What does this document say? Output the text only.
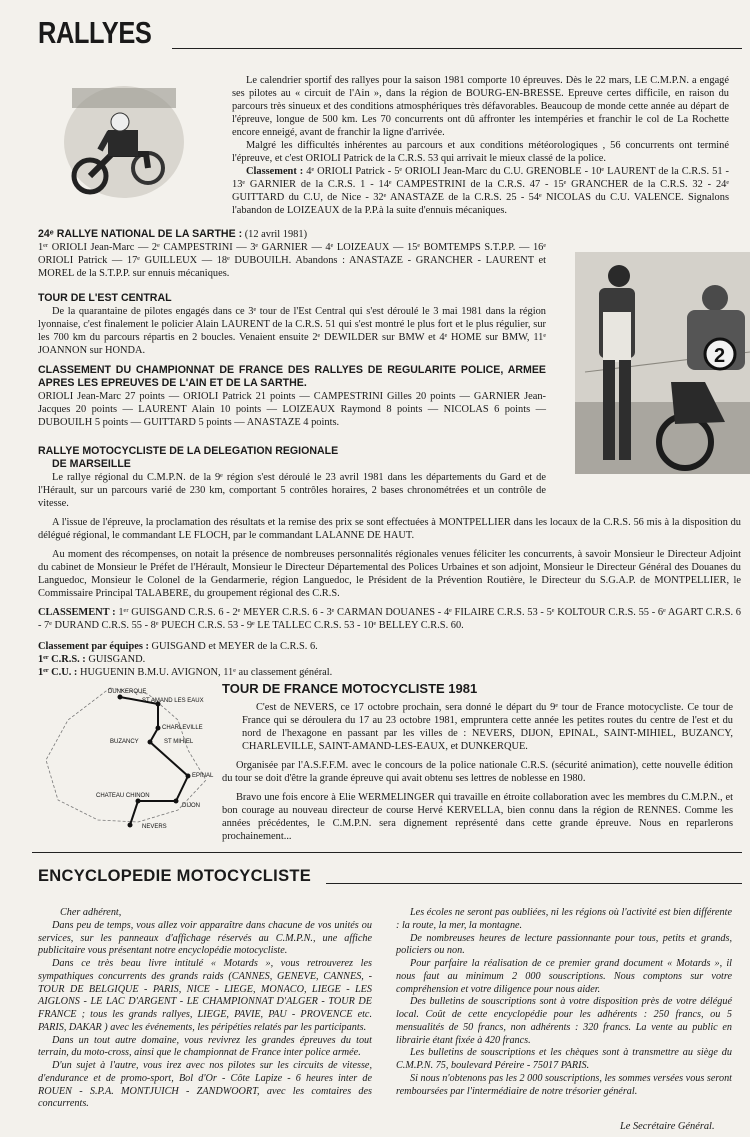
RALLYES

Le calendrier sportif des rallyes pour la saison 1981 comporte 10 épreuves. Dès le 22 mars, LE C.M.P.N. a engagé ses pilotes au « circuit de l'Ain », dans la région de BOURG-EN-BRESSE. Epreuve certes difficile, en raison du parcours très sinueux et des conditions atmosphériques très défavorables. Beaucoup de monde cette année au départ de l'épreuve, longue de 500 km. Les 70 concurrents ont dû affronter les intempéries et franchir le col de La Rochette encore enneigé, avant de franchir la ligne d'arrivée.

Malgré les difficultés inhérentes au parcours et aux conditions météorologiques , 56 concurrents ont terminé l'épreuve, et c'est ORIOLI Patrick de la C.R.S. 53 qui arrivait le mieux classé de la police.

Classement : 4ᵉ ORIOLI Patrick - 5ᵉ ORIOLI Jean-Marc du C.U. GRENOBLE - 10ᵉ LAURENT de la C.R.S. 51 - 13ᵉ GARNIER de la C.R.S. 1 - 14ᵉ CAMPESTRINI de la C.R.S. 47 - 15ᵉ GRANCHER de la C.R.S. 32 - 24ᵉ GUITTARD du C.U, de Nice - 32ᵉ ANASTAZE de la C.R.S. 25 - 54ᵉ NICOLAS du C.U. VALENCE. Signalons l'abandon de LOIZEAUX de la P.P.à la suite d'ennuis mécaniques.

24ᵉ RALLYE NATIONAL DE LA SARTHE : (12 avril 1981)

1ᵉʳ ORIOLI Jean-Marc — 2ᵉ CAMPESTRINI — 3ᵉ GARNIER — 4ᵉ LOIZEAUX — 15ᵉ BOMTEMPS S.T.P.P. — 16ᵉ ORIOLI Patrick — 17ᵉ GUILLEUX — 18ᵉ DUBOUILH. Abandons : ANASTAZE - GRANCHER - LAURENT et MOREL de la S.T.P.P. sur ennuis mécaniques.

TOUR DE L'EST CENTRAL

De la quarantaine de pilotes engagés dans ce 3ᵉ tour de l'Est Central qui s'est déroulé le 3 mai 1981 dans la région lyonnaise, c'est finalement le policier Alain LAURENT de la C.R.S. 51 qui s'est montré le plus fort et le plus régulier, sur les 700 km du parcours répartis en 2 boucles. Venaient ensuite 2ᵉ DEWILDER sur BMW et 4ᵉ HOME sur BMW, 11ᵉ JOANNON sur HONDA.

CLASSEMENT DU CHAMPIONNAT DE FRANCE DES RALLYES DE REGULARITE POLICE, ARMEE APRES LES EPREUVES DE L'AIN ET DE LA SARTHE.

ORIOLI Jean-Marc 27 points — ORIOLI Patrick 21 points — CAMPESTRINI Gilles 20 points — GARNIER Jean-Jacques 20 points — LAURENT Alain 10 points — LOIZEAUX Raymond 8 points — NICOLAS 6 points — DUBOUILH 5 points — GUITTARD 5 points — ANASTAZE 4 points.

2

RALLYE MOTOCYCLISTE DE LA DELEGATION REGIONALE

DE MARSEILLE

Le rallye régional du C.M.P.N. de la 9ᵉ région s'est déroulé le 23 avril 1981 dans les départements du Gard et de l'Hérault, sur un parcours varié de 230 km, comportant 5 contrôles horaires, 2 bases chronométrées et un contrôle de vitesse.

A l'issue de l'épreuve, la proclamation des résultats et la remise des prix se sont effectuées à MONTPELLIER dans les locaux de la C.R.S. 56 mis à la disposition du délégué régional, le commandant LE FLOCH, par le commandant LALANNE DE HAUT.

Au moment des récompenses, on notait la présence de nombreuses personnalités régionales venues féliciter les concurrents, à savoir Monsieur le Directeur Adjoint du cabinet de Monsieur le Préfet de l'Hérault, Monsieur le Directeur Départemental des Polices Urbaines et son adjoint, Monsieur le Directeur Général des Douanes du Languedoc, Monsieur le Colonel de la Gendarmerie, région Languedoc, le Président de la Prévention Routière, le Directeur du S.G.A.P. de MONTPELLIER, le Commissaire Principal TALABERE, du groupement régional des C.R.S.

CLASSEMENT : 1ᵉʳ GUISGAND C.R.S. 6 - 2ᵉ MEYER C.R.S. 6 - 3ᵉ CARMAN DOUANES - 4ᵉ FILAIRE C.R.S. 53 - 5ᵉ KOLTOUR C.R.S. 55 - 6ᵉ AGART C.R.S. 6 - 7ᵉ DURAND C.R.S. 55 - 8ᵉ PUECH C.R.S. 53 - 9ᵉ LE TALLEC C.R.S. 53 - 10ᵉ BELLEY C.R.S. 60.

Classement par équipes : GUISGAND et MEYER de la C.R.S. 6.

1ᵉʳ C.R.S. : GUISGAND.

1ᵉʳ C.U. : HUGUENIN B.M.U. AVIGNON, 11ᵉ au classement général.

DUNKERQUE
ST AMAND LES EAUX
CHARLEVILLE
BUZANCY	ST MIHIEL
EPINAL
CHATEAU CHINON
DIJON
NEVERS

TOUR DE FRANCE MOTOCYCLISTE 1981

C'est de NEVERS, ce 17 octobre prochain, sera donné le départ du 9ᵉ tour de France motocycliste. Ce tour de France qui se déroulera du 17 au 23 octobre 1981, empruntera cette année les petites routes du centre de l'est et du nord de l'hexagone en passant par les villes de : NEVERS, DIJON, EPINAL, SAINT-MIHIEL, BUZANCY, CHARLEVILLE, SAINT-AMAND-LES-EAUX, et DUNKERQUE.

Organisée par l'A.S.F.F.M. avec le concours de la police nationale C.R.S. (sécurité animation), cette nouvelle édition du tour se doit d'être la grande épreuve qui avait obtenu ses lettres de noblesse en 1980.

Bravo une fois encore à Elie WERMELINGER qui travaille en étroite collaboration avec les membres du C.M.P.N., et bon courage au nouveau directeur de course Hervé KERVELLA, bien connu dans la région de RENNES. Comme les années précédentes, le C.M.P.N. sera dignement représenté dans cette grande épreuve. Nous en reparlerons prochainement...

ENCYCLOPEDIE MOTOCYCLISTE

Cher adhérent,

Dans peu de temps, vous allez voir apparaître dans chacune de vos unités ou services, sur les panneaux d'affichage réservés au C.M.P.N., une affiche publicitaire vous présentant notre encyclopédie motocycliste.

Dans ce très beau livre intitulé « Motards », vous retrouverez les sympathiques concurrents des grands raids (CANNES, GENEVE, CANNES, - TOUR DE BELGIQUE - PARIS, NICE - LIEGE, MONACO, LIEGE - LES AIGLONS - LE LAC D'ARGENT - LE CHAMPIONNAT D'ALGER - TOUR DE FRANCE ; tous les grands rallyes, LIEGE, PAVIE, PAU - PROVENCE etc. PARIS, DAKAR ) avec les événements, les péripéties relatés par les participants.

Dans un tout autre domaine, vous revivrez les grandes épreuves du tout terrain, du moto-cross, ainsi que le championnat de France inter police armée.

D'un sujet à l'autre, vous irez avec nos pilotes sur les circuits de vitesse, d'endurance et de promo-sport, Bol d'Or - Côte Lapize - 6 heures inter de ROUEN - S.P.A. MONTJUICH - ZANDWOORT, avec les comtaires des concurrents.

Les écoles ne seront pas oubliées, ni les régions où l'activité est bien différente : la route, la mer, la montagne.

De nombreuses heures de lecture passionnante pour tous, petits et grands, policiers ou non.

Pour parfaire la réalisation de ce premier grand document « Motards », il nous faut au minimum 2 000 souscriptions. Nous comptons sur votre compréhension et votre diligence pour nous aider.

Des bulletins de souscriptions sont à votre disposition près de votre délégué local. Coût de cette encyclopédie pour les adhérents : 250 francs, ou 5 mensualités de 50 francs, non adhérents : 320 francs. La vente au public en librairie étant fixée à 420 francs.

Les bulletins de souscriptions et les chèques sont à transmettre au siège du C.M.P.N. 75, boulevard Péreire - 75017 PARIS.

Si nous n'obtenons pas les 2 000 souscriptions, les sommes versées vous seront remboursées par l'intermédiaire de notre trésorier général.

Le Secrétaire Général.
